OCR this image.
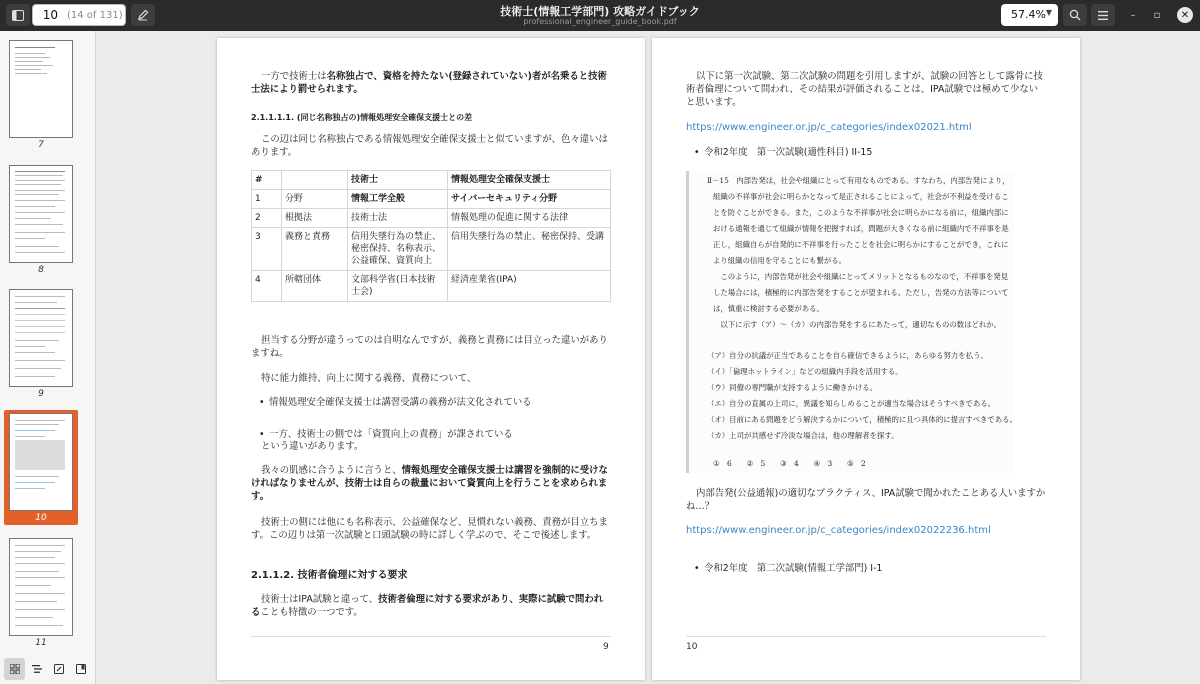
10 (14 of 131)	技術士(情報工学部門) 攻略ガイドブック
professional_engineer_guide_book.pdf
57.4% ▼	–	▫	✕
7
8
9
10
11
一方で技術士は名称独占で、資格を持たない(登録されていない)者が名乗ると技術士法により罰せられます。
2.1.1.1.1. (同じ名称独占の)情報処理安全確保支援士との差
この辺は同じ名称独占である情報処理安全確保支援士と似ていますが、色々違いはあります。
#		技術士	情報処理安全確保支援士
1	分野	情報工学全般	サイバーセキュリティ分野
2	根拠法	技術士法	情報処理の促進に関する法律
3	義務と責務	信用失墜行為の禁止、秘密保持、名称表示、公益確保、資質向上	信用失墜行為の禁止、秘密保持、受講
4	所轄団体	文部科学省(日本技術士会)	経済産業省(IPA)
担当する分野が違うってのは自明なんですが、義務と責務には目立った違いがありますね。
特に能力維持、向上に関する義務、責務について、
• 情報処理安全確保支援士は講習受講の義務が法文化されている
• 一方、技術士の側では「資質向上の責務」が課されている
という違いがあります。
我々の肌感に合うように言うと、情報処理安全確保支援士は講習を強制的に受けなければなりませんが、技術士は自らの裁量において資質向上を行うことを求められます。
技術士の側には他にも名称表示、公益確保など、見慣れない義務、責務が目立ちます。この辺りは第一次試験と口頭試験の時に詳しく学ぶので、そこで後述します。
2.1.1.2. 技術者倫理に対する要求
技術士はIPA試験と違って、技術者倫理に対する要求があり、実際に試験で問われることも特徴の一つです。
9
以下に第一次試験、第二次試験の問題を引用しますが、試験の回答として露骨に技術者倫理について問われ、その結果が評価されることは、IPA試験では極めて少ないと思います。
https://www.engineer.or.jp/c_categories/index02021.html
• 令和2年度　第一次試験(適性科目) II-15
Ⅱ－15　内部告発は，社会や組織にとって有用なものである。すなわち，内部告発により，
組織の不祥事が社会に明らかとなって是正されることによって，社会が不利益を受けるこ
とを防ぐことができる。また，このような不祥事が社会に明らかになる前に，組織内部に
おける通報を通じて組織が情報を把握すれば，問題が大きくなる前に組織内で不祥事を是
正し，組織自らが自発的に不祥事を行ったことを社会に明らかにすることができ，これに
より組織の信用を守ることにも繋がる。
　このように，内部告発が社会や組織にとってメリットとなるものなので，不祥事を発見
した場合には，積極的に内部告発をすることが望まれる。ただし，告発の方法等について
は，慎重に検討する必要がある。
　以下に示す（ア）～（カ）の内部告発をするにあたって，適切なものの数はどれか。
（ア）自分の抗議が正当であることを自ら確信できるように，あらゆる努力を払う。
（イ）「倫理ホットライン」などの組織内手段を活用する。
（ウ）同僚の専門職が支持するように働きかける。
（エ）自分の直属の上司に，異議を知らしめることが適当な場合はそうすべきである。
（オ）目前にある問題をどう解決するかについて，積極的に且つ具体的に提言すべきである。
（カ）上司が共感せず冷淡な場合は，他の理解者を探す。
①　6　　②　5　　③　4　　④　3　　⑤　2
内部告発(公益通報)の適切なプラクティス、IPA試験で聞かれたことある人いますかね…？
https://www.engineer.or.jp/c_categories/index02022236.html
• 令和2年度　第二次試験(情報工学部門) I-1
10
